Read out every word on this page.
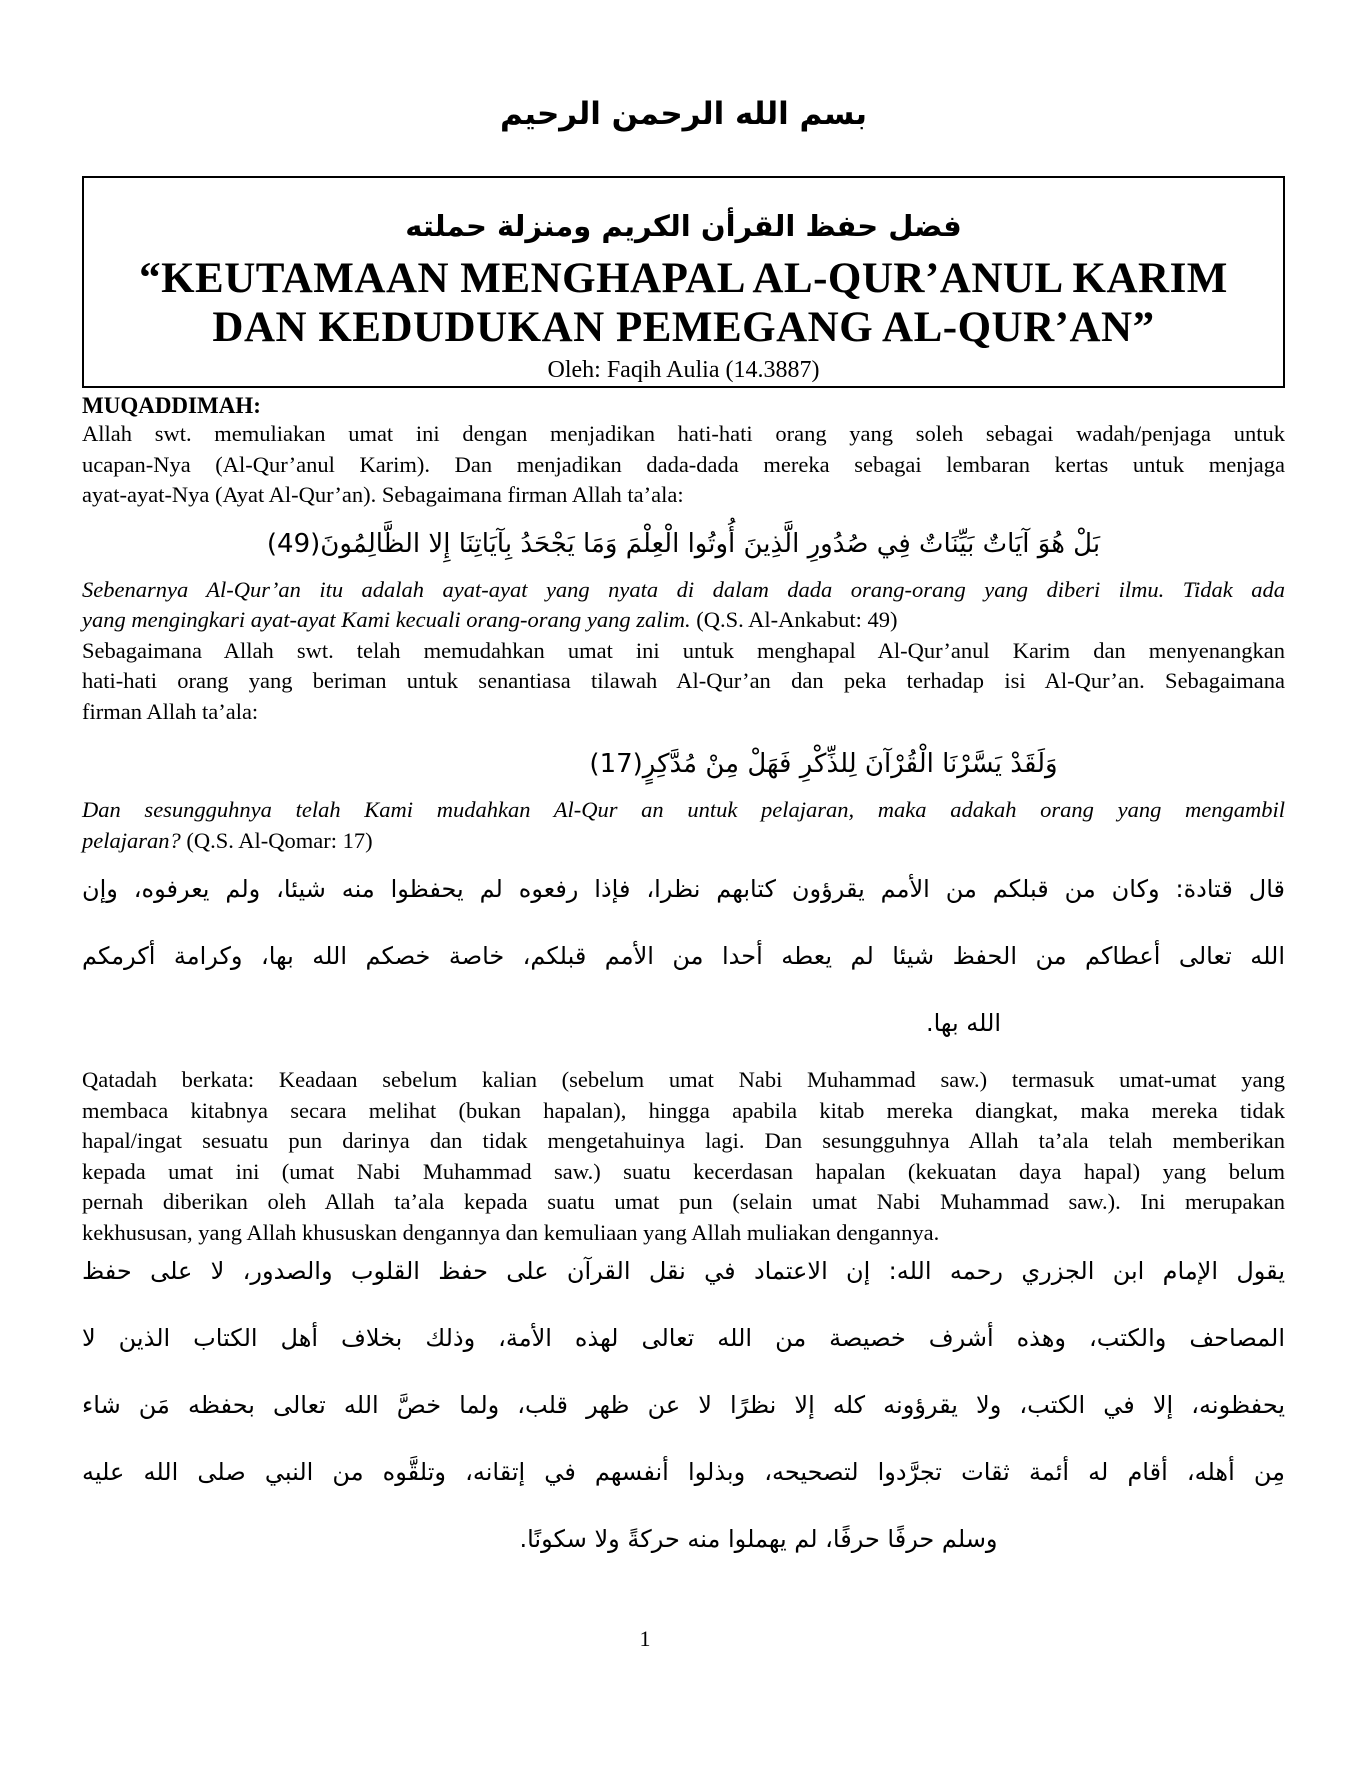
بسم الله الرحمن الرحيم
فضل حفظ القرأن الكريم ومنزلة حملته
“KEUTAMAAN MENGHAPAL AL-QUR’ANUL KARIM
DAN KEDUDUKAN PEMEGANG AL-QUR’AN”
Oleh: Faqih Aulia (14.3887)
MUQADDIMAH:
Allah swt. memuliakan umat ini dengan menjadikan hati-hati orang yang soleh sebagai wadah/penjaga untuk
ucapan-Nya (Al-Qur’anul Karim). Dan menjadikan dada-dada mereka sebagai lembaran kertas untuk menjaga
ayat-ayat-Nya (Ayat Al-Qur’an). Sebagaimana firman Allah ta’ala:
بَلْ هُوَ آيَاتٌ بَيِّنَاتٌ فِي صُدُورِ الَّذِينَ أُوتُوا الْعِلْمَ وَمَا يَجْحَدُ بِآيَاتِنَا إِلا الظَّالِمُونَ(49)
Sebenarnya Al-Qur’an itu adalah ayat-ayat yang nyata di dalam dada orang-orang yang diberi ilmu. Tidak ada
yang mengingkari ayat-ayat Kami kecuali orang-orang yang zalim. (Q.S. Al-Ankabut: 49)
Sebagaimana Allah swt. telah memudahkan umat ini untuk menghapal Al-Qur’anul Karim dan menyenangkan
hati-hati orang yang beriman untuk senantiasa tilawah Al-Qur’an dan peka terhadap isi Al-Qur’an. Sebagaimana
firman Allah ta’ala:
وَلَقَدْ يَسَّرْنَا الْقُرْآنَ لِلذِّكْرِ فَهَلْ مِنْ مُدَّكِرٍ(17)
Dan sesungguhnya telah Kami mudahkan Al-Qur an untuk pelajaran, maka adakah orang yang mengambil
pelajaran? (Q.S. Al-Qomar: 17)
قال قتادة: وكان من قبلكم من الأمم يقرؤون كتابهم نظرا، فإذا رفعوه لم يحفظوا منه شيئا، ولم يعرفوه، وإن
الله تعالى أعطاكم من الحفظ شيئا لم يعطه أحدا من الأمم قبلكم، خاصة خصكم الله بها، وكرامة أكرمكم
الله بها.
Qatadah berkata: Keadaan sebelum kalian (sebelum umat Nabi Muhammad saw.) termasuk umat-umat yang
membaca kitabnya secara melihat (bukan hapalan), hingga apabila kitab mereka diangkat, maka mereka tidak
hapal/ingat sesuatu pun darinya dan tidak mengetahuinya lagi. Dan sesungguhnya Allah ta’ala telah memberikan
kepada umat ini (umat Nabi Muhammad saw.) suatu kecerdasan hapalan (kekuatan daya hapal) yang belum
pernah diberikan oleh Allah ta’ala kepada suatu umat pun (selain umat Nabi Muhammad saw.). Ini merupakan
kekhususan, yang Allah khususkan dengannya dan kemuliaan yang Allah muliakan dengannya.
يقول الإمام ابن الجزري رحمه الله: إن الاعتماد في نقل القرآن على حفظ القلوب والصدور، لا على حفظ
المصاحف والكتب، وهذه أشرف خصيصة من الله تعالى لهذه الأمة، وذلك بخلاف أهل الكتاب الذين لا
يحفظونه، إلا في الكتب، ولا يقرؤونه كله إلا نظرًا لا عن ظهر قلب، ولما خصَّ الله تعالى بحفظه مَن شاء
مِن أهله، أقام له أئمة ثقات تجرَّدوا لتصحيحه، وبذلوا أنفسهم في إتقانه، وتلقَّوه من النبي صلى الله عليه
وسلم حرفًا حرفًا، لم يهملوا منه حركةً ولا سكونًا.
1
